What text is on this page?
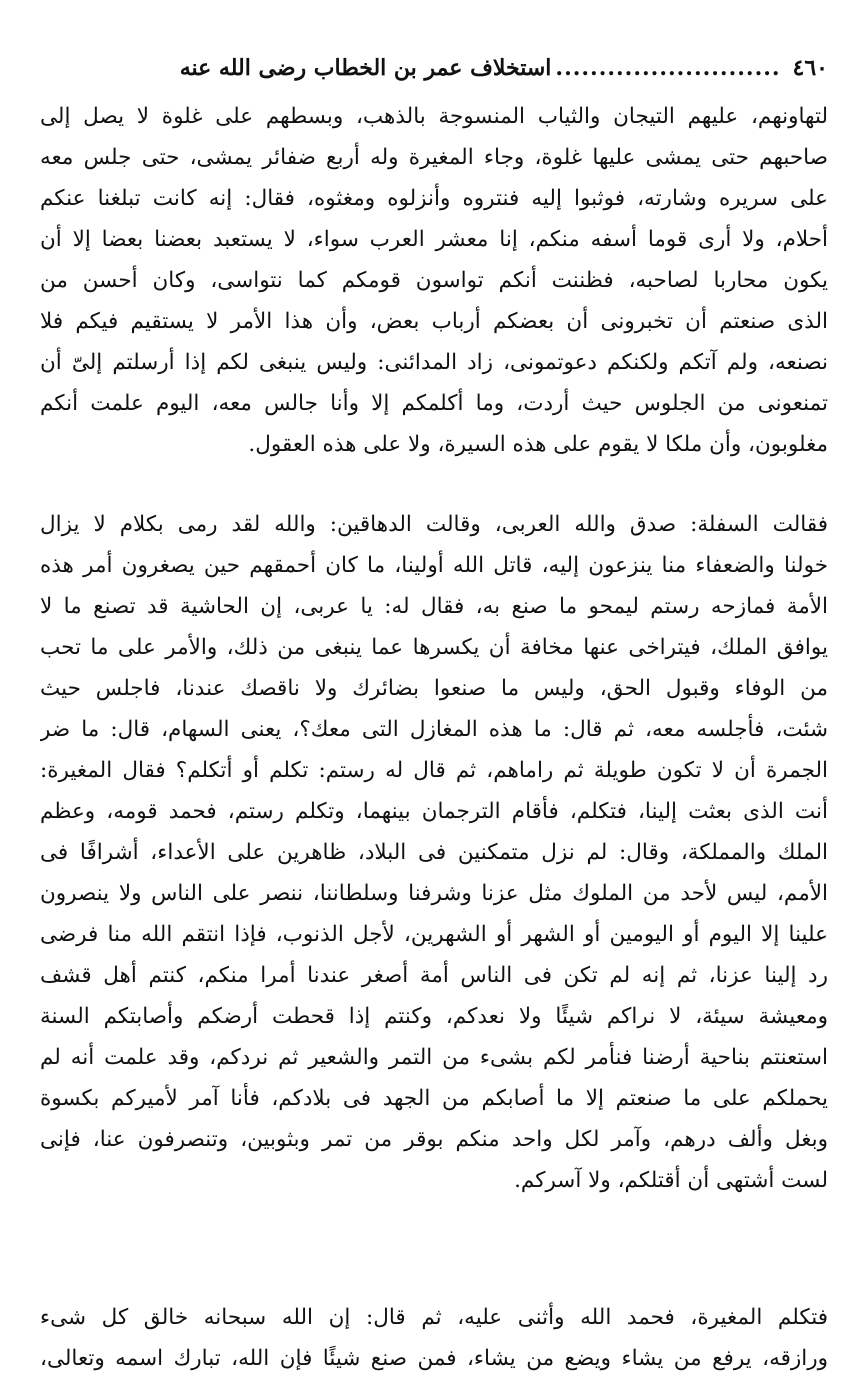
٤٦٠
..........................
استخلاف عمر بن الخطاب رضى الله عنه
لتهاونهم، عليهم التيجان والثياب المنسوجة بالذهب، وبسطهم على غلوة لا يصل إلى
صاحبهم حتى يمشى عليها غلوة، وجاء المغيرة وله أربع ضفائر يمشى، حتى جلس معه
على سريره وشارته، فوثبوا إليه فنتروه وأنزلوه ومغثوه، فقال: إنه كانت تبلغنا عنكم
أحلام، ولا أرى قوما أسفه منكم، إنا معشر العرب سواء، لا يستعبد بعضنا بعضا إلا أن
يكون محاربا لصاحبه، فظننت أنكم تواسون قومكم كما نتواسى، وكان أحسن من
الذى صنعتم أن تخبرونى أن بعضكم أرباب بعض، وأن هذا الأمر لا يستقيم فيكم فلا
نصنعه، ولم آتكم ولكنكم دعوتمونى، زاد المدائنى: وليس ينبغى لكم إذا أرسلتم إلىّ أن
تمنعونى من الجلوس حيث أردت، وما أكلمكم إلا وأنا جالس معه، اليوم علمت أنكم
مغلوبون، وأن ملكا لا يقوم على هذه السيرة، ولا على هذه العقول.
فقالت السفلة: صدق والله العربى، وقالت الدهاقين: والله لقد رمى بكلام لا يزال
خولنا والضعفاء منا ينزعون إليه، قاتل الله أولينا، ما كان أحمقهم حين يصغرون أمر هذه
الأمة فمازحه رستم ليمحو ما صنع به، فقال له: يا عربى، إن الحاشية قد تصنع ما لا
يوافق الملك، فيتراخى عنها مخافة أن يكسرها عما ينبغى من ذلك، والأمر على ما تحب
من الوفاء وقبول الحق، وليس ما صنعوا بضائرك ولا ناقصك عندنا، فاجلس حيث
شئت، فأجلسه معه، ثم قال: ما هذه المغازل التى معك؟، يعنى السهام، قال: ما ضر
الجمرة أن لا تكون طويلة ثم راماهم، ثم قال له رستم: تكلم أو أتكلم؟ فقال المغيرة:
أنت الذى بعثت إلينا، فتكلم، فأقام الترجمان بينهما، وتكلم رستم، فحمد قومه، وعظم
الملك والمملكة، وقال: لم نزل متمكنين فى البلاد، ظاهرين على الأعداء، أشرافًا فى
الأمم، ليس لأحد من الملوك مثل عزنا وشرفنا وسلطاننا، ننصر على الناس ولا ينصرون
علينا إلا اليوم أو اليومين أو الشهر أو الشهرين، لأجل الذنوب، فإذا انتقم الله منا فرضى
رد إلينا عزنا، ثم إنه لم تكن فى الناس أمة أصغر عندنا أمرا منكم، كنتم أهل قشف
ومعيشة سيئة، لا نراكم شيئًا ولا نعدكم، وكنتم إذا قحطت أرضكم وأصابتكم السنة
استعنتم بناحية أرضنا فنأمر لكم بشىء من التمر والشعير ثم نردكم، وقد علمت أنه لم
يحملكم على ما صنعتم إلا ما أصابكم من الجهد فى بلادكم، فأنا آمر لأميركم بكسوة
وبغل وألف درهم، وآمر لكل واحد منكم بوقر من تمر وبثوبين، وتنصرفون عنا، فإنى
لست أشتهى أن أقتلكم، ولا آسركم.
فتكلم المغيرة، فحمد الله وأثنى عليه، ثم قال: إن الله سبحانه خالق كل شىء
ورازقه، يرفع من يشاء ويضع من يشاء، فمن صنع شيئًا فإن الله، تبارك اسمه وتعالى،
